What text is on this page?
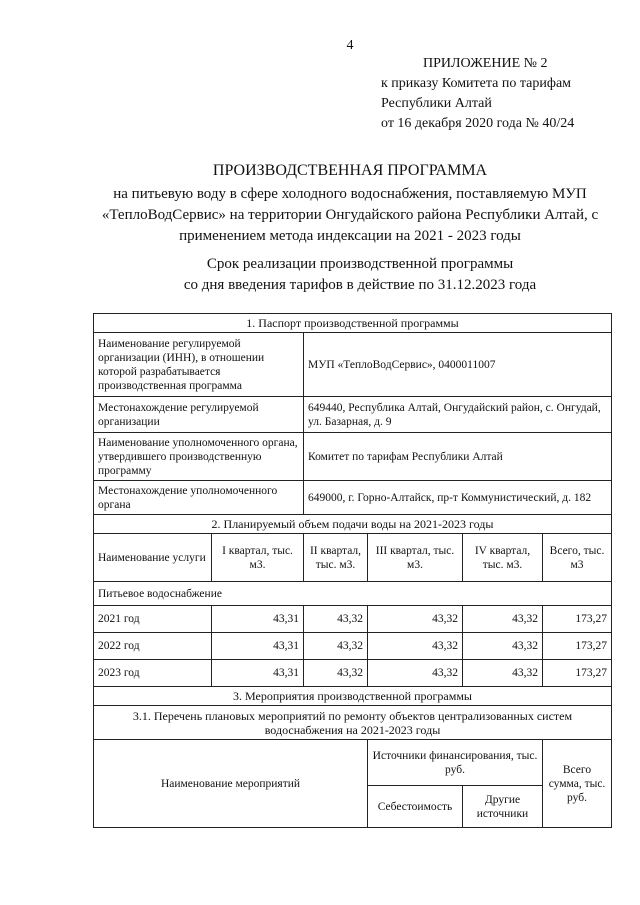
4
ПРИЛОЖЕНИЕ № 2
к приказу Комитета по тарифам
Республики Алтай
от 16 декабря 2020 года № 40/24
ПРОИЗВОДСТВЕННАЯ ПРОГРАММА
на питьевую воду в сфере холодного водоснабжения, поставляемую МУП
«ТеплоВодСервис» на территории Онгудайского района Республики Алтай, с
применением метода индексации на 2021 - 2023 годы
Срок реализации производственной программы
со дня введения тарифов в действие по 31.12.2023 года
1. Паспорт производственной программы					
Наименование регулируемой организации (ИНН), в отношении которой разрабатывается производственная программа		МУП «ТеплоВодСервис», 0400011007			
Местонахождение регулируемой организации		649440, Республика Алтай, Онгудайский район, с. Онгудай, ул. Базарная, д. 9			
Наименование уполномоченного органа, утвердившего производственную программу		Комитет по тарифам Республики Алтай			
Местонахождение уполномоченного органа		649000, г. Горно-Алтайск, пр-т Коммунистический, д. 182			
2. Планируемый объем подачи воды на 2021-2023 годы					
Наименование услуги	I квартал, тыс. м3.	II квартал, тыс. м3.	III квартал, тыс. м3.	IV квартал, тыс. м3.	Всего, тыс. м3
Питьевое водоснабжение					
2021 год	43,31	43,32	43,32	43,32	173,27
2022 год	43,31	43,32	43,32	43,32	173,27
2023 год	43,31	43,32	43,32	43,32	173,27
3. Мероприятия производственной программы					
3.1. Перечень плановых мероприятий по ремонту объектов централизованных систем водоснабжения на 2021-2023 годы					
Наименование мероприятий			Источники финансирования, тыс. руб.		Всего сумма, тыс. руб.
			Себестоимость	Другие источники	
